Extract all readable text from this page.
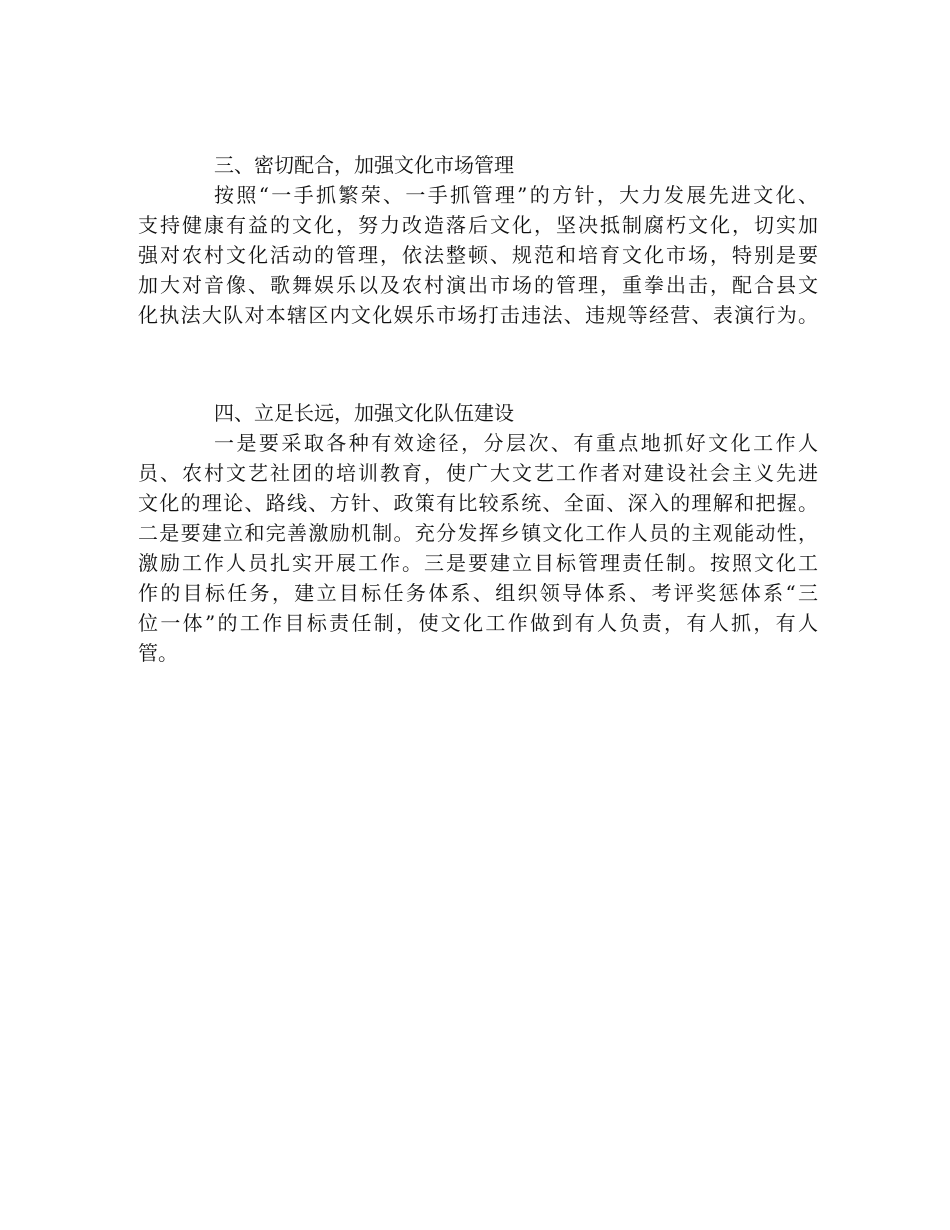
三、密切配合，加强文化市场管理

按照“一手抓繁荣、一手抓管理”的方针，大力发展先进文化、
支持健康有益的文化，努力改造落后文化，坚决抵制腐朽文化，切实加
强对农村文化活动的管理，依法整顿、规范和培育文化市场，特别是要
加大对音像、歌舞娱乐以及农村演出市场的管理，重拳出击，配合县文
化执法大队对本辖区内文化娱乐市场打击违法、违规等经营、表演行为。

四、立足长远，加强文化队伍建设

一是要采取各种有效途径，分层次、有重点地抓好文化工作人
员、农村文艺社团的培训教育，使广大文艺工作者对建设社会主义先进
文化的理论、路线、方针、政策有比较系统、全面、深入的理解和把握。
二是要建立和完善激励机制。充分发挥乡镇文化工作人员的主观能动性，
激励工作人员扎实开展工作。三是要建立目标管理责任制。按照文化工
作的目标任务，建立目标任务体系、组织领导体系、考评奖惩体系“三
位一体”的工作目标责任制，使文化工作做到有人负责，有人抓，有人
管。
